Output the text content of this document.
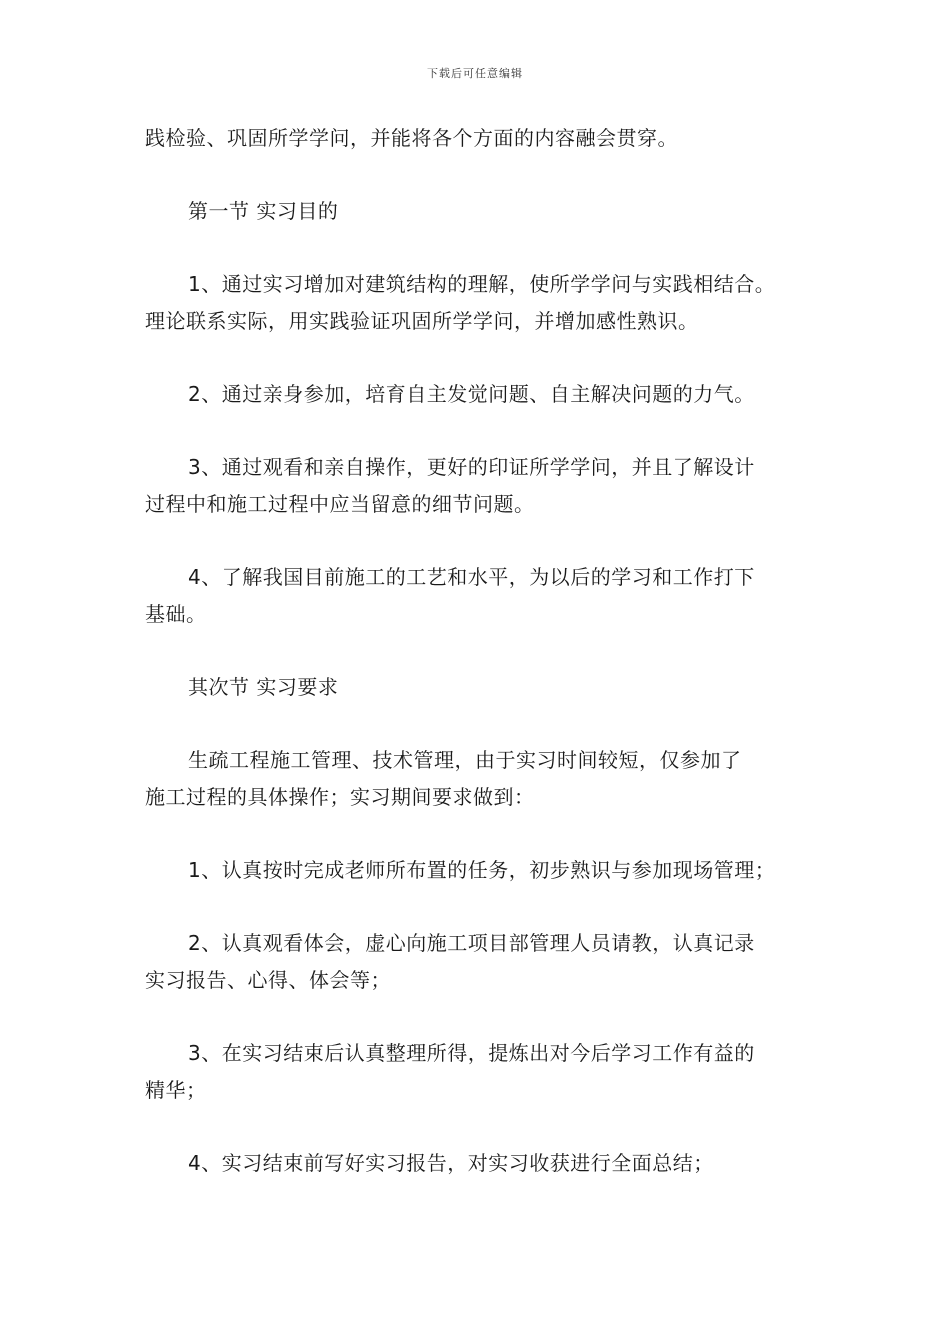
下载后可任意编辑

践检验、巩固所学学问，并能将各个方面的内容融会贯穿。

第一节 实习目的

1、通过实习增加对建筑结构的理解，使所学学问与实践相结合。

理论联系实际，用实践验证巩固所学学问，并增加感性熟识。

2、通过亲身参加，培育自主发觉问题、自主解决问题的力气。

3、通过观看和亲自操作，更好的印证所学学问，并且了解设计

过程中和施工过程中应当留意的细节问题。

4、了解我国目前施工的工艺和水平，为以后的学习和工作打下

基础。

其次节 实习要求

生疏工程施工管理、技术管理，由于实习时间较短，仅参加了

施工过程的具体操作；实习期间要求做到：

1、认真按时完成老师所布置的任务，初步熟识与参加现场管理；

2、认真观看体会，虚心向施工项目部管理人员请教，认真记录

实习报告、心得、体会等；

3、在实习结束后认真整理所得，提炼出对今后学习工作有益的

精华；

4、实习结束前写好实习报告，对实习收获进行全面总结；
